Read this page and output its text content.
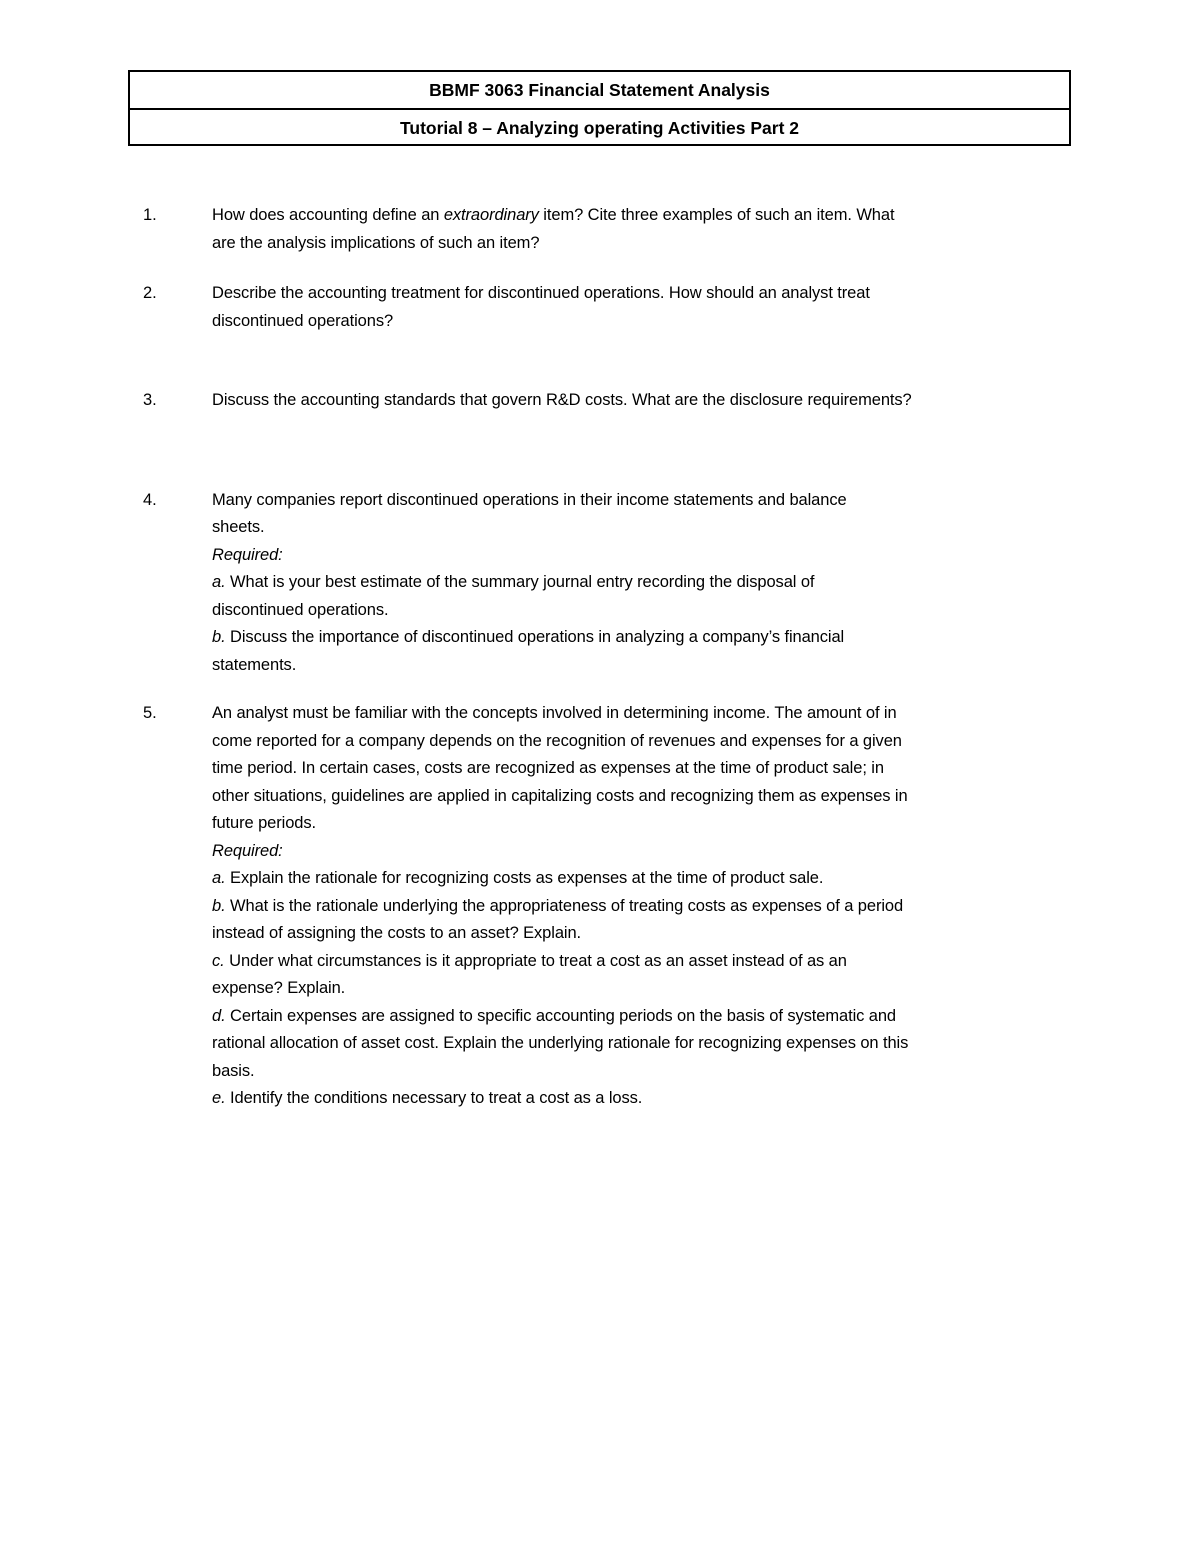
BBMF 3063 Financial Statement Analysis
Tutorial 8 – Analyzing operating Activities Part 2
1.	How does accounting define an extraordinary item? Cite three examples of such an item. What
are the analysis implications of such an item?
2.	Describe the accounting treatment for discontinued operations. How should an analyst treat
discontinued operations?
3.	Discuss the accounting standards that govern R&D costs. What are the disclosure requirements?
4.	Many companies report discontinued operations in their income statements and balance
sheets.
Required:
a. What is your best estimate of the summary journal entry recording the disposal of
discontinued operations.
b. Discuss the importance of discontinued operations in analyzing a company’s financial
statements.
5.	An analyst must be familiar with the concepts involved in determining income. The amount of in
come reported for a company depends on the recognition of revenues and expenses for a given
time period. In certain cases, costs are recognized as expenses at the time of product sale; in
other situations, guidelines are applied in capitalizing costs and recognizing them as expenses in
future periods.
Required:
a. Explain the rationale for recognizing costs as expenses at the time of product sale.
b. What is the rationale underlying the appropriateness of treating costs as expenses of a period
instead of assigning the costs to an asset? Explain.
c. Under what circumstances is it appropriate to treat a cost as an asset instead of as an
expense? Explain.
d. Certain expenses are assigned to specific accounting periods on the basis of systematic and
rational allocation of asset cost. Explain the underlying rationale for recognizing expenses on this
basis.
e. Identify the conditions necessary to treat a cost as a loss.
